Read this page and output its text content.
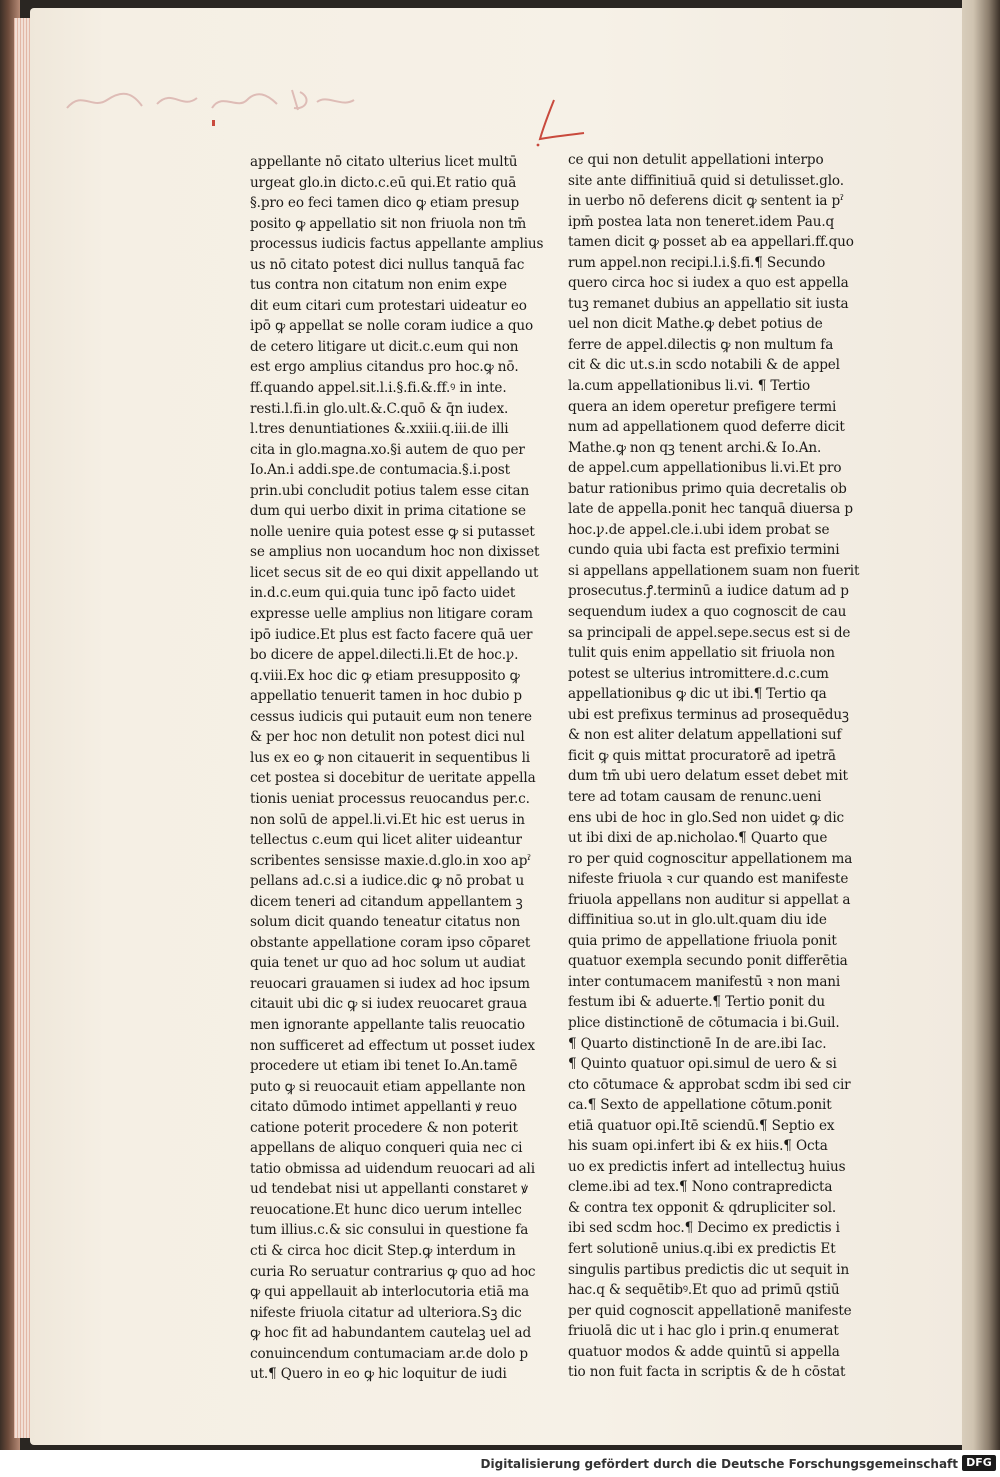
appellante nō citato ulterius licet multū
urgeat glo.in dicto.c.eū qui.Et ratio quā
§.pro eo feci tamen dico ꝙ etiam presup
posito ꝙ appellatio sit non friuola non tm̄
processus iudicis factus appellante amplius
us nō citato potest dici nullus tanquā fac
tus contra non citatum non enim expe
dit eum citari cum protestari uideatur eo
ipō ꝙ appellat se nolle coram iudice a quo
de cetero litigare ut dicit.c.eum qui non
est ergo amplius citandus pro hoc.ꝙ nō.
ff.quando appel.sit.l.i.§.fi.&.ff.ꝰ in inte.
resti.l.fi.in glo.ult.&.C.quō & q̄n iudex.
l.tres denuntiationes &.xxiii.q.iii.de illi
cita in glo.magna.xo.§i autem de quo per
Io.An.i addi.spe.de contumacia.§.i.post
prin.ubi concludit potius talem esse citan
dum qui uerbo dixit in prima citatione se
nolle uenire quia potest esse ꝙ si putasset
se amplius non uocandum hoc non dixisset
licet secus sit de eo qui dixit appellando ut
in.d.c.eum qui.quia tunc ipō facto uidet
expresse uelle amplius non litigare coram
ipō iudice.Et plus est facto facere quā uer
bo dicere de appel.dilecti.li.Et de hoc.ꝩ.
q.viii.Ex hoc dic ꝙ etiam presupposito ꝙ
appellatio tenuerit tamen in hoc dubio p
cessus iudicis qui putauit eum non tenere
& per hoc non detulit non potest dici nul
lus ex eo ꝙ non citauerit in sequentibus li
cet postea si docebitur de ueritate appella
tionis ueniat processus reuocandus per.c.
non solū de appel.li.vi.Et hic est uerus in
tellectus c.eum qui licet aliter uideantur
scribentes sensisse maxie.d.glo.in xoo apˀ
pellans ad.c.si a iudice.dic ꝙ nō probat u
dicem teneri ad citandum appellantem ꝫ
solum dicit quando teneatur citatus non
obstante appellatione coram ipso cōparet
quia tenet ur quo ad hoc solum ut audiat
reuocari grauamen si iudex ad hoc ipsum
citauit ubi dic ꝙ si iudex reuocaret graua
men ignorante appellante talis reuocatio
non sufficeret ad effectum ut posset iudex
procedere ut etiam ibi tenet Io.An.tamē
puto ꝙ si reuocauit etiam appellante non
citato dūmodo intimet appellanti ꝟ reuo
catione poterit procedere & non poterit
appellans de aliquo conqueri quia nec ci
tatio obmissa ad uidendum reuocari ad ali
ud tendebat nisi ut appellanti constaret ꝟ
reuocatione.Et hunc dico uerum intellec
tum illius.c.& sic consului in questione fa
cti & circa hoc dicit Step.ꝙ interdum in
curia Ro seruatur contrarius ꝙ quo ad hoc
ꝙ qui appellauit ab interlocutoria etiā ma
nifeste friuola citatur ad ulteriora.Sꝫ dic
ꝙ hoc fit ad habundantem cautelaꝫ uel ad
conuincendum contumaciam ar.de dolo p
ut.¶ Quero in eo ꝙ hic loquitur de iudi
ce qui non detulit appellationi interpo
site ante diffinitiuā quid si detulisset.glo.
in uerbo nō deferens dicit ꝙ sentent ia pˀ
ipm̄ postea lata non teneret.idem Pau.q
tamen dicit ꝙ posset ab ea appellari.ff.quo
rum appel.non recipi.l.i.§.fi.¶ Secundo
quero circa hoc si iudex a quo est appella
tuꝫ remanet dubius an appellatio sit iusta
uel non dicit Mathe.ꝙ debet potius de
ferre de appel.dilectis ꝙ non multum fa
cit & dic ut.s.in scdo notabili & de appel
la.cum appellationibus li.vi. ¶ Tertio
quera an idem operetur prefigere termi
num ad appellationem quod deferre dicit
Mathe.ꝙ non qꝫ tenent archi.& Io.An.
de appel.cum appellationibus li.vi.Et pro
batur rationibus primo quia decretalis ob
late de appella.ponit hec tanquā diuersa p
hoc.ꝩ.de appel.cle.i.ubi idem probat se
cundo quia ubi facta est prefixio termini
si appellans appellationem suam non fuerit
prosecutus.ꝭ.terminū a iudice datum ad p
sequendum iudex a quo cognoscit de cau
sa principali de appel.sepe.secus est si de
tulit quis enim appellatio sit friuola non
potest se ulterius intromittere.d.c.cum
appellationibus ꝙ dic ut ibi.¶ Tertio qa
ubi est prefixus terminus ad prosequēduꝫ
& non est aliter delatum appellationi suf
ficit ꝙ quis mittat procuratorē ad ipetrā
dum tm̄ ubi uero delatum esset debet mit
tere ad totam causam de renunc.ueni
ens ubi de hoc in glo.Sed non uidet ꝙ dic
ut ibi dixi de ap.nicholao.¶ Quarto que
ro per quid cognoscitur appellationem ma
nifeste friuola ꝛ cur quando est manifeste
friuola appellans non auditur si appellat a
diffinitiua so.ut in glo.ult.quam diu ide
quia primo de appellatione friuola ponit
quatuor exempla secundo ponit differētia
inter contumacem manifestū ꝛ non mani
festum ibi & aduerte.¶ Tertio ponit du
plice distinctionē de cōtumacia i bi.Guil.
¶ Quarto distinctionē In de are.ibi Iac.
¶ Quinto quatuor opi.simul de uero & si
cto cōtumace & approbat scdm ibi sed cir
ca.¶ Sexto de appellatione cōtum.ponit
etiā quatuor opi.Itē sciendū.¶ Septio ex
his suam opi.infert ibi & ex hiis.¶ Octa
uo ex predictis infert ad intellectuꝫ huius
cleme.ibi ad tex.¶ Nono contrapredicta
& contra tex opponit & qdrupliciter sol.
ibi sed scdm hoc.¶ Decimo ex predictis i
fert solutionē unius.q.ibi ex predictis Et
singulis partibus predictis dic ut sequit in
hac.q & sequētibꝰ.Et quo ad primū qstiū
per quid cognoscit appellationē manifeste
friuolā dic ut i hac glo i prin.q enumerat
quatuor modos & adde quintū si appella
tio non fuit facta in scriptis & de h cōstat
Digitalisierung gefördert durch die Deutsche Forschungsgemeinschaft DFG
